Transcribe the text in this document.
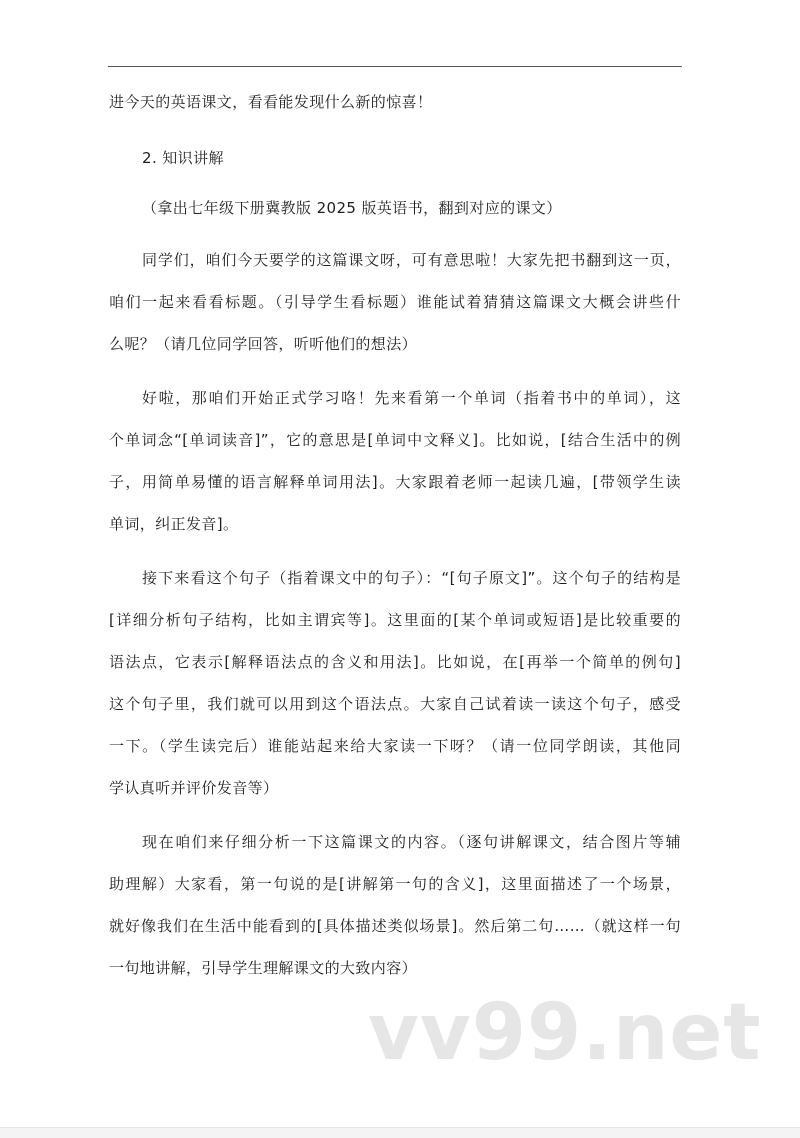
进今天的英语课文，看看能发现什么新的惊喜！
2. 知识讲解
（拿出七年级下册冀教版 2025 版英语书，翻到对应的课文）
同学们，咱们今天要学的这篇课文呀，可有意思啦！大家先把书翻到这一页，
咱们一起来看看标题。（引导学生看标题）谁能试着猜猜这篇课文大概会讲些什
么呢？（请几位同学回答，听听他们的想法）
好啦，那咱们开始正式学习咯！先来看第一个单词（指着书中的单词），这
个单词念“[单词读音]”，它的意思是[单词中文释义]。比如说，[结合生活中的例
子，用简单易懂的语言解释单词用法]。大家跟着老师一起读几遍，[带领学生读
单词，纠正发音]。
接下来看这个句子（指着课文中的句子）：“[句子原文]”。这个句子的结构是
[详细分析句子结构，比如主谓宾等]。这里面的[某个单词或短语]是比较重要的
语法点，它表示[解释语法点的含义和用法]。比如说，在[再举一个简单的例句]
这个句子里，我们就可以用到这个语法点。大家自己试着读一读这个句子，感受
一下。（学生读完后）谁能站起来给大家读一下呀？（请一位同学朗读，其他同
学认真听并评价发音等）
现在咱们来仔细分析一下这篇课文的内容。（逐句讲解课文，结合图片等辅
助理解）大家看，第一句说的是[讲解第一句的含义]，这里面描述了一个场景，
就好像我们在生活中能看到的[具体描述类似场景]。然后第二句……（就这样一句
一句地讲解，引导学生理解课文的大致内容）
vv99.net
